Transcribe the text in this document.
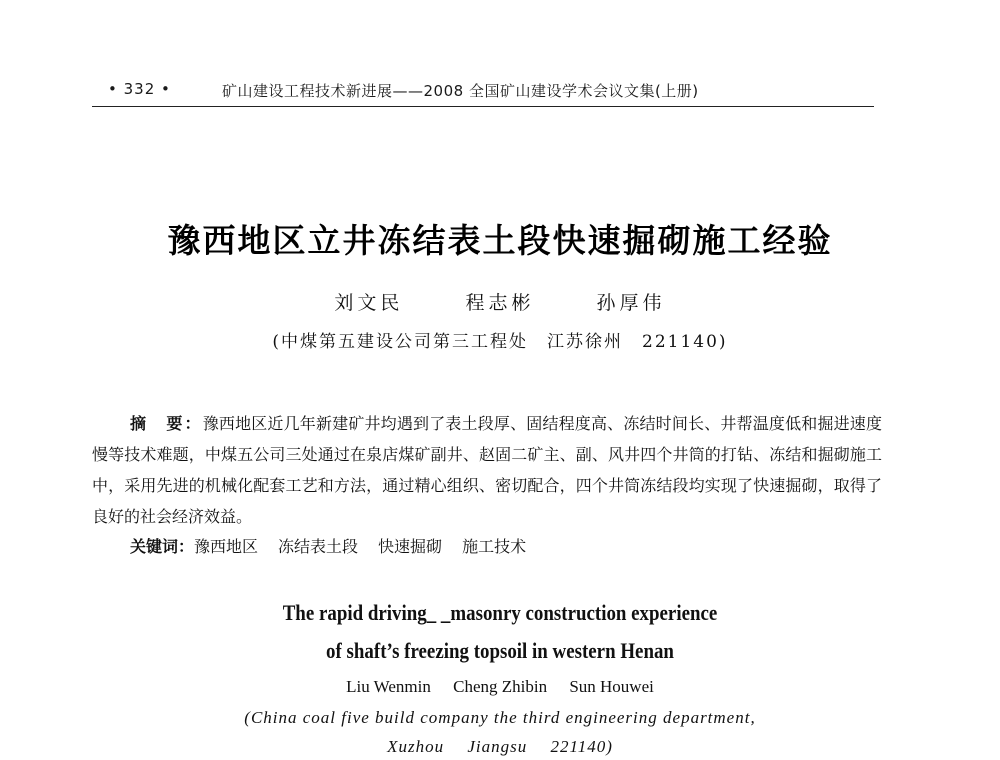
• 332 •	矿山建设工程技术新进展——2008 全国矿山建设学术会议文集(上册)
豫西地区立井冻结表土段快速掘砌施工经验
刘文民	程志彬	孙厚伟
(中煤第五建设公司第三工程处　江苏徐州　221140)
摘　要：豫西地区近几年新建矿井均遇到了表土段厚、固结程度高、冻结时间长、井帮温度低和掘进速度慢等技术难题，中煤五公司三处通过在泉店煤矿副井、赵固二矿主、副、风井四个井筒的打钻、冻结和掘砌施工中，采用先进的机械化配套工艺和方法，通过精心组织、密切配合，四个井筒冻结段均实现了快速掘砌，取得了良好的社会经济效益。
关键词：豫西地区 冻结表土段 快速掘砌 施工技术
The rapid driving_ _masonry construction experience
of shaft’s freezing topsoil in western Henan
Liu Wenmin Cheng Zhibin Sun Houwei
(China coal five build company the third engineering department,
Xuzhou Jiangsu 221140)
